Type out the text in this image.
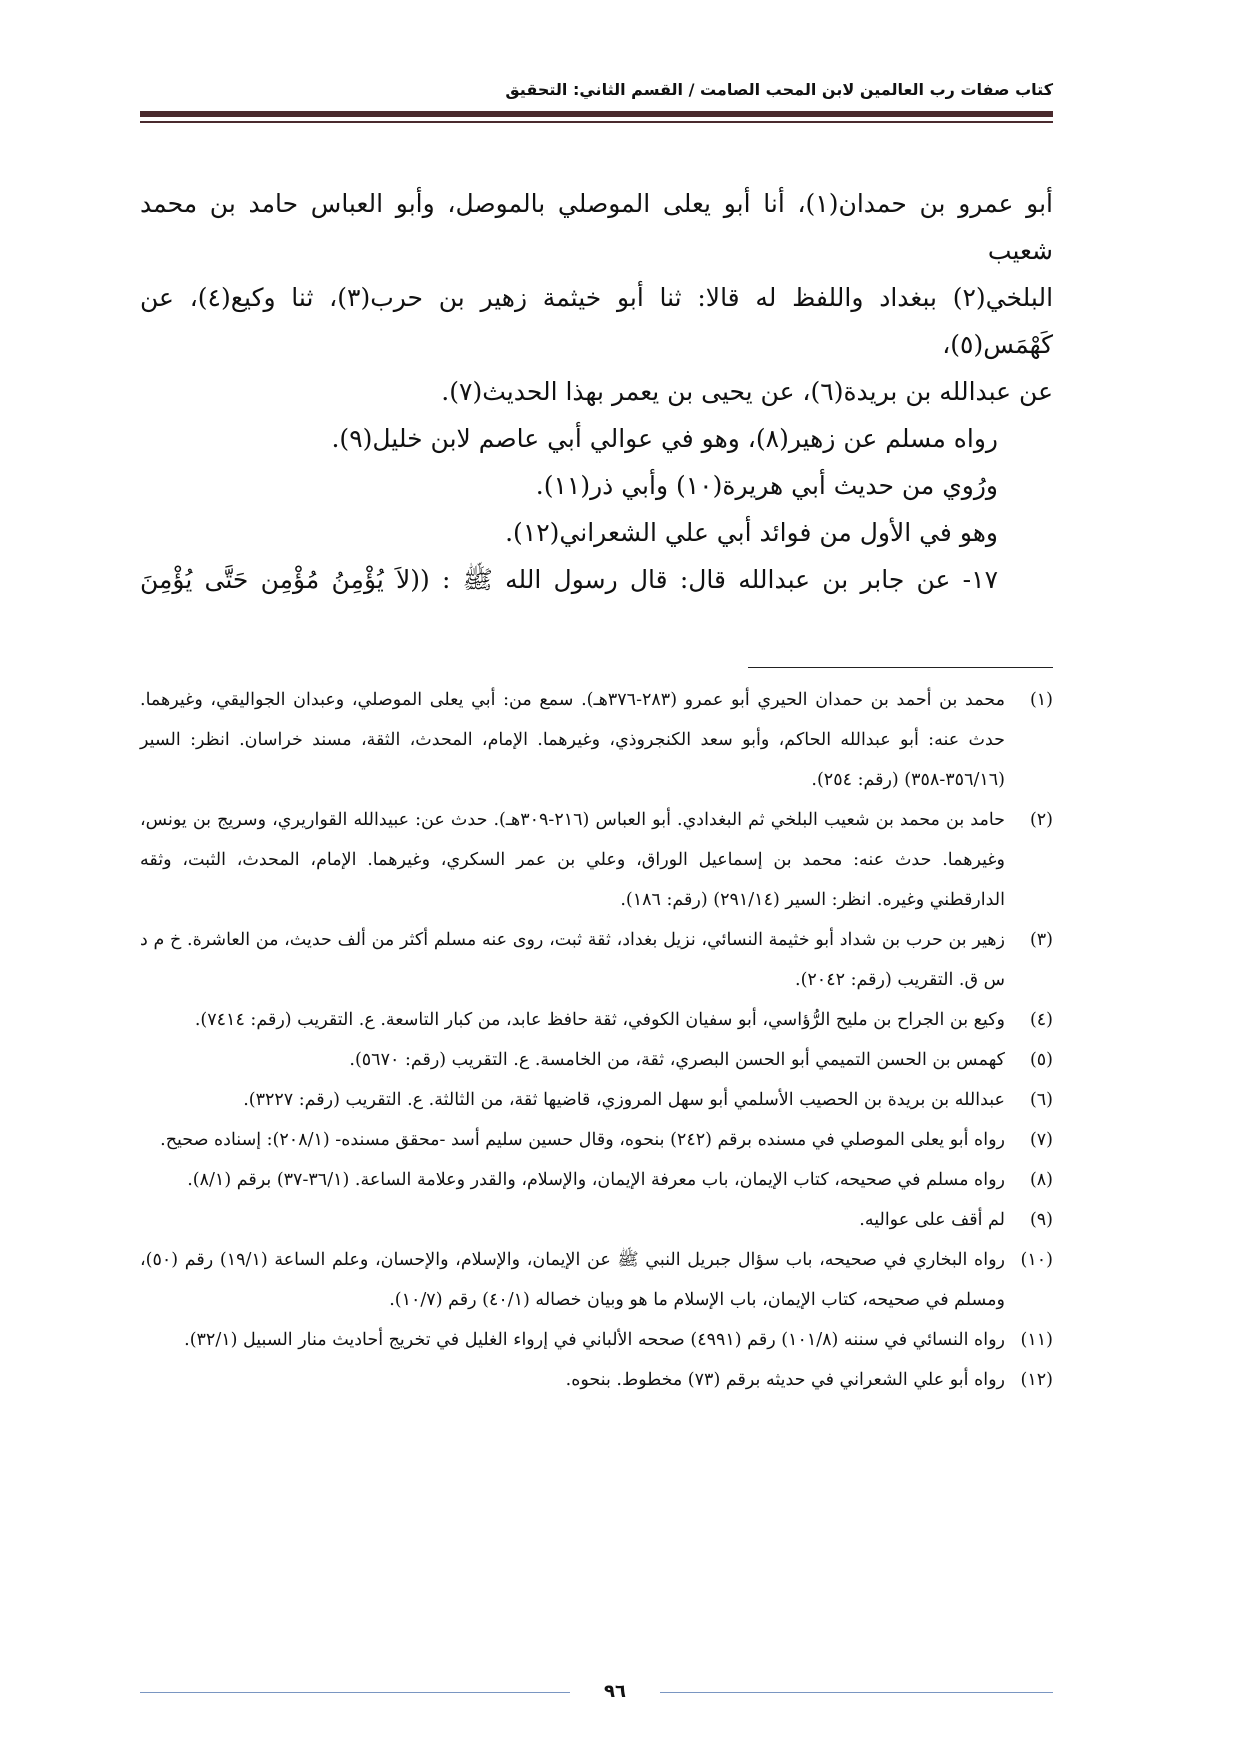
كتاب صفات رب العالمين لابن المحب الصامت / القسم الثاني: التحقيق

أبو عمرو بن حمدان(١)، أنا أبو يعلى الموصلي بالموصل، وأبو العباس حامد بن محمد شعيب

البلخي(٢) ببغداد واللفظ له قالا: ثنا أبو خيثمة زهير بن حرب(٣)، ثنا وكيع(٤)، عن كَهْمَس(٥)،

عن عبدالله بن بريدة(٦)، عن يحيى بن يعمر بهذا الحديث(٧).

رواه مسلم عن زهير(٨)، وهو في عوالي أبي عاصم لابن خليل(٩).

ورُوي من حديث أبي هريرة(١٠) وأبي ذر(١١).

وهو في الأول من فوائد أبي علي الشعراني(١٢).

١٧- عن جابر بن عبدالله قال: قال رسول الله ﷺ : ((لاَ يُؤْمِنُ مُؤْمِن حَتَّى يُؤْمِنَ

(١)
محمد بن أحمد بن حمدان الحيري أبو عمرو (٢٨٣-٣٧٦هـ). سمع من: أبي يعلى الموصلي، وعبدان الجواليقي، وغيرهما. حدث عنه: أبو عبدالله الحاكم، وأبو سعد الكنجروذي، وغيرهما. الإمام، المحدث، الثقة، مسند خراسان. انظر: السير (٣٥٦/١٦-٣٥٨) (رقم: ٢٥٤).
(٢)
حامد بن محمد بن شعيب البلخي ثم البغدادي. أبو العباس (٢١٦-٣٠٩هـ). حدث عن: عبيدالله القواريري، وسريج بن يونس، وغيرهما. حدث عنه: محمد بن إسماعيل الوراق، وعلي بن عمر السكري، وغيرهما. الإمام، المحدث، الثبت، وثقه الدارقطني وغيره. انظر: السير (٢٩١/١٤) (رقم: ١٨٦).
(٣)
زهير بن حرب بن شداد أبو خثيمة النسائي، نزيل بغداد، ثقة ثبت، روى عنه مسلم أكثر من ألف حديث، من العاشرة. خ م د س ق. التقريب (رقم: ٢٠٤٢).
(٤)
وكيع بن الجراح بن مليح الرُّؤاسي، أبو سفيان الكوفي، ثقة حافظ عابد، من كبار التاسعة. ع. التقريب (رقم: ٧٤١٤).
(٥)
كهمس بن الحسن التميمي أبو الحسن البصري، ثقة، من الخامسة. ع. التقريب (رقم: ٥٦٧٠).
(٦)
عبدالله بن بريدة بن الحصيب الأسلمي أبو سهل المروزي، قاضيها ثقة، من الثالثة. ع. التقريب (رقم: ٣٢٢٧).
(٧)
رواه أبو يعلى الموصلي في مسنده برقم (٢٤٢) بنحوه، وقال حسين سليم أسد -محقق مسنده- (٢٠٨/١): إسناده صحيح.
(٨)
رواه مسلم في صحيحه، كتاب الإيمان، باب معرفة الإيمان، والإسلام، والقدر وعلامة الساعة. (٣٦/١-٣٧) برقم (٨/١).
(٩)
لم أقف على عواليه.
(١٠)
رواه البخاري في صحيحه، باب سؤال جبريل النبي ﷺ عن الإيمان، والإسلام، والإحسان، وعلم الساعة (١٩/١) رقم (٥٠)، ومسلم في صحيحه، كتاب الإيمان، باب الإسلام ما هو وبيان خصاله (٤٠/١) رقم (١٠/٧).
(١١)
رواه النسائي في سننه (١٠١/٨) رقم (٤٩٩١) صححه الألباني في إرواء الغليل في تخريج أحاديث منار السبيل (٣٢/١).
(١٢)
رواه أبو علي الشعراني في حديثه برقم (٧٣) مخطوط. بنحوه.
٩٦
